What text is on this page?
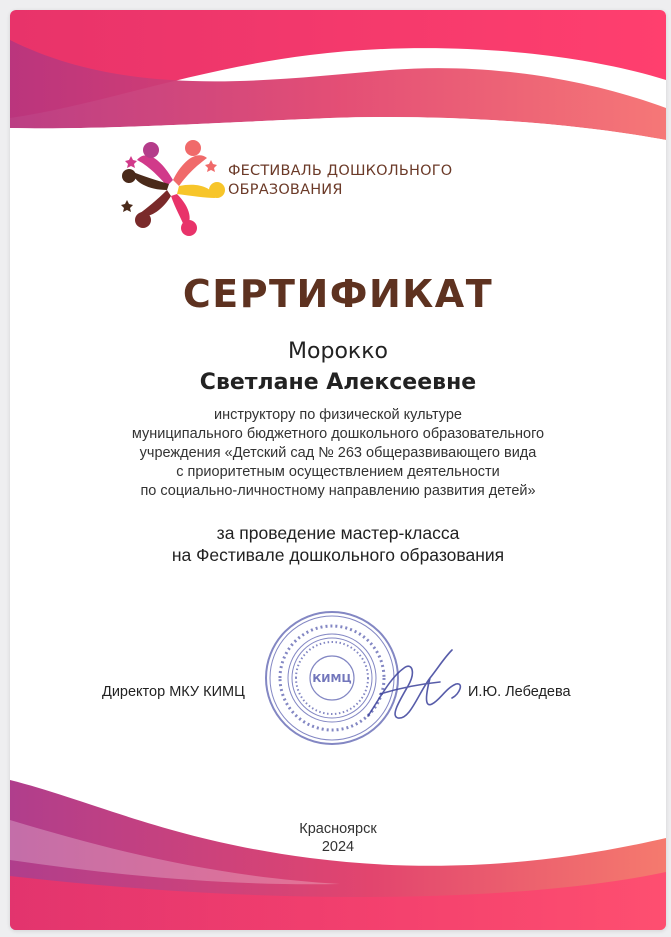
ФЕСТИВАЛЬ ДОШКОЛЬНОГО
ОБРАЗОВАНИЯ
СЕРТИФИКАТ
Морокко
Светлане Алексеевне
инструктору по физической культуре
муниципального бюджетного дошкольного образовательного
учреждения «Детский сад № 263 общеразвивающего вида
с приоритетным осуществлением деятельности
по социально-личностному направлению развития детей»
за проведение мастер-класса
на Фестивале дошкольного образования
Директор МКУ КИМЦ
КИМЦ
И.Ю. Лебедева
Красноярск
2024
